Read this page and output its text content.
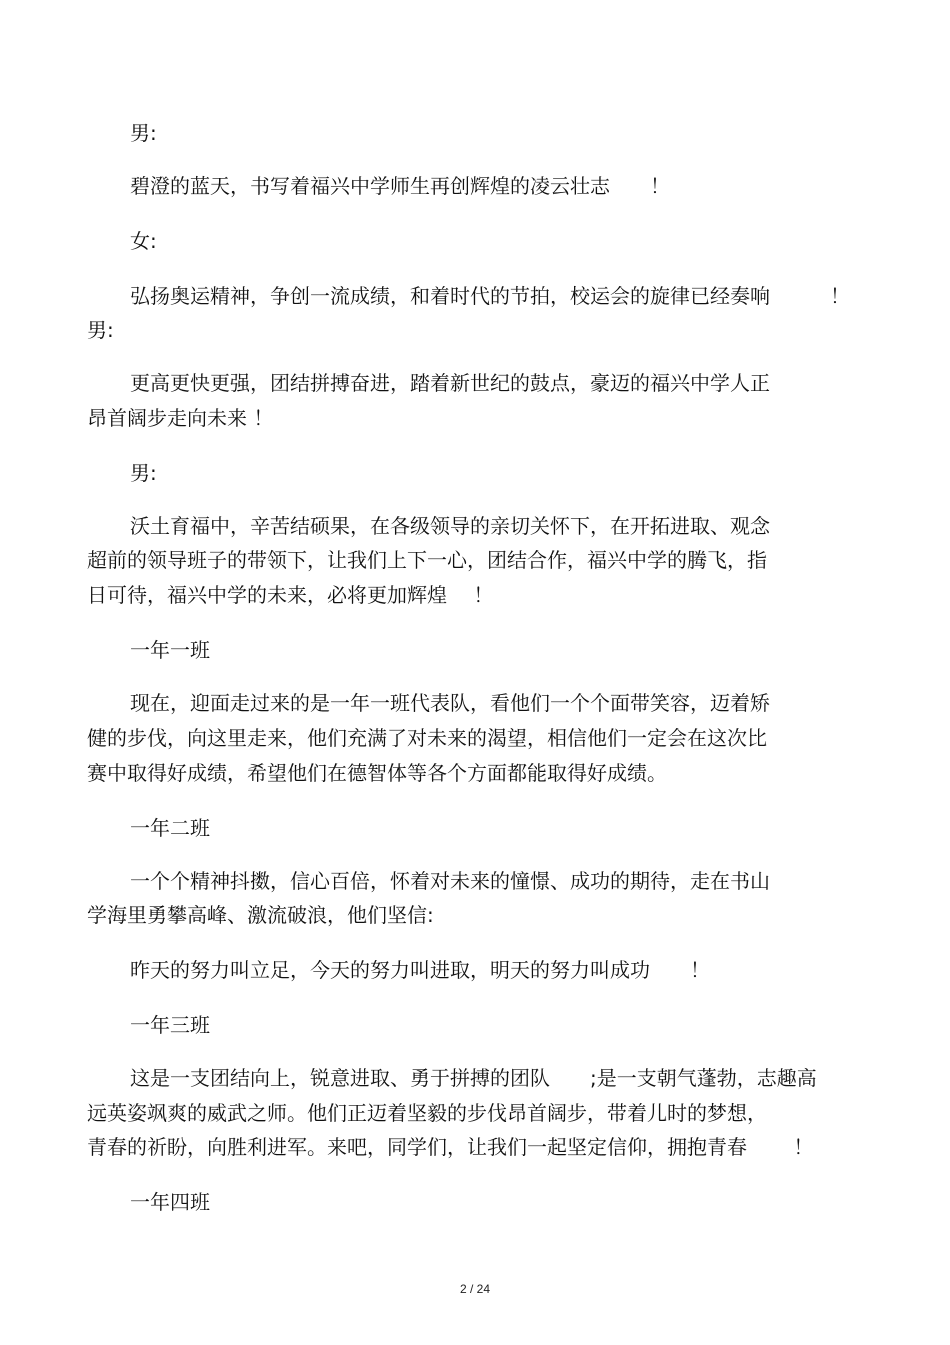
男:

碧澄的蓝天，书写着福兴中学师生再创辉煌的凌云壮志　　！

女:

弘扬奥运精神，争创一流成绩，和着时代的节拍，校运会的旋律已经奏响　　　！

男:

更高更快更强，团结拼搏奋进，踏着新世纪的鼓点，豪迈的福兴中学人正

昂首阔步走向未来 ！

男:

沃土育福中，辛苦结硕果，在各级领导的亲切关怀下，在开拓进取、观念

超前的领导班子的带领下，让我们上下一心，团结合作，福兴中学的腾飞，指

日可待，福兴中学的未来，必将更加辉煌　 ！

一年一班

现在，迎面走过来的是一年一班代表队，看他们一个个面带笑容，迈着矫

健的步伐，向这里走来，他们充满了对未来的渴望，相信他们一定会在这次比

赛中取得好成绩，希望他们在德智体等各个方面都能取得好成绩。

一年二班

一个个精神抖擞，信心百倍，怀着对未来的憧憬、成功的期待，走在书山

学海里勇攀高峰、激流破浪，他们坚信:

昨天的努力叫立足，今天的努力叫进取，明天的努力叫成功　　！

一年三班

这是一支团结向上，锐意进取、勇于拼搏的团队　　;是一支朝气蓬勃，志趣高

远英姿飒爽的威武之师。他们正迈着坚毅的步伐昂首阔步，带着儿时的梦想，

青春的祈盼，向胜利进军。来吧，同学们，让我们一起坚定信仰，拥抱青春　　 ！

一年四班

2 / 24
